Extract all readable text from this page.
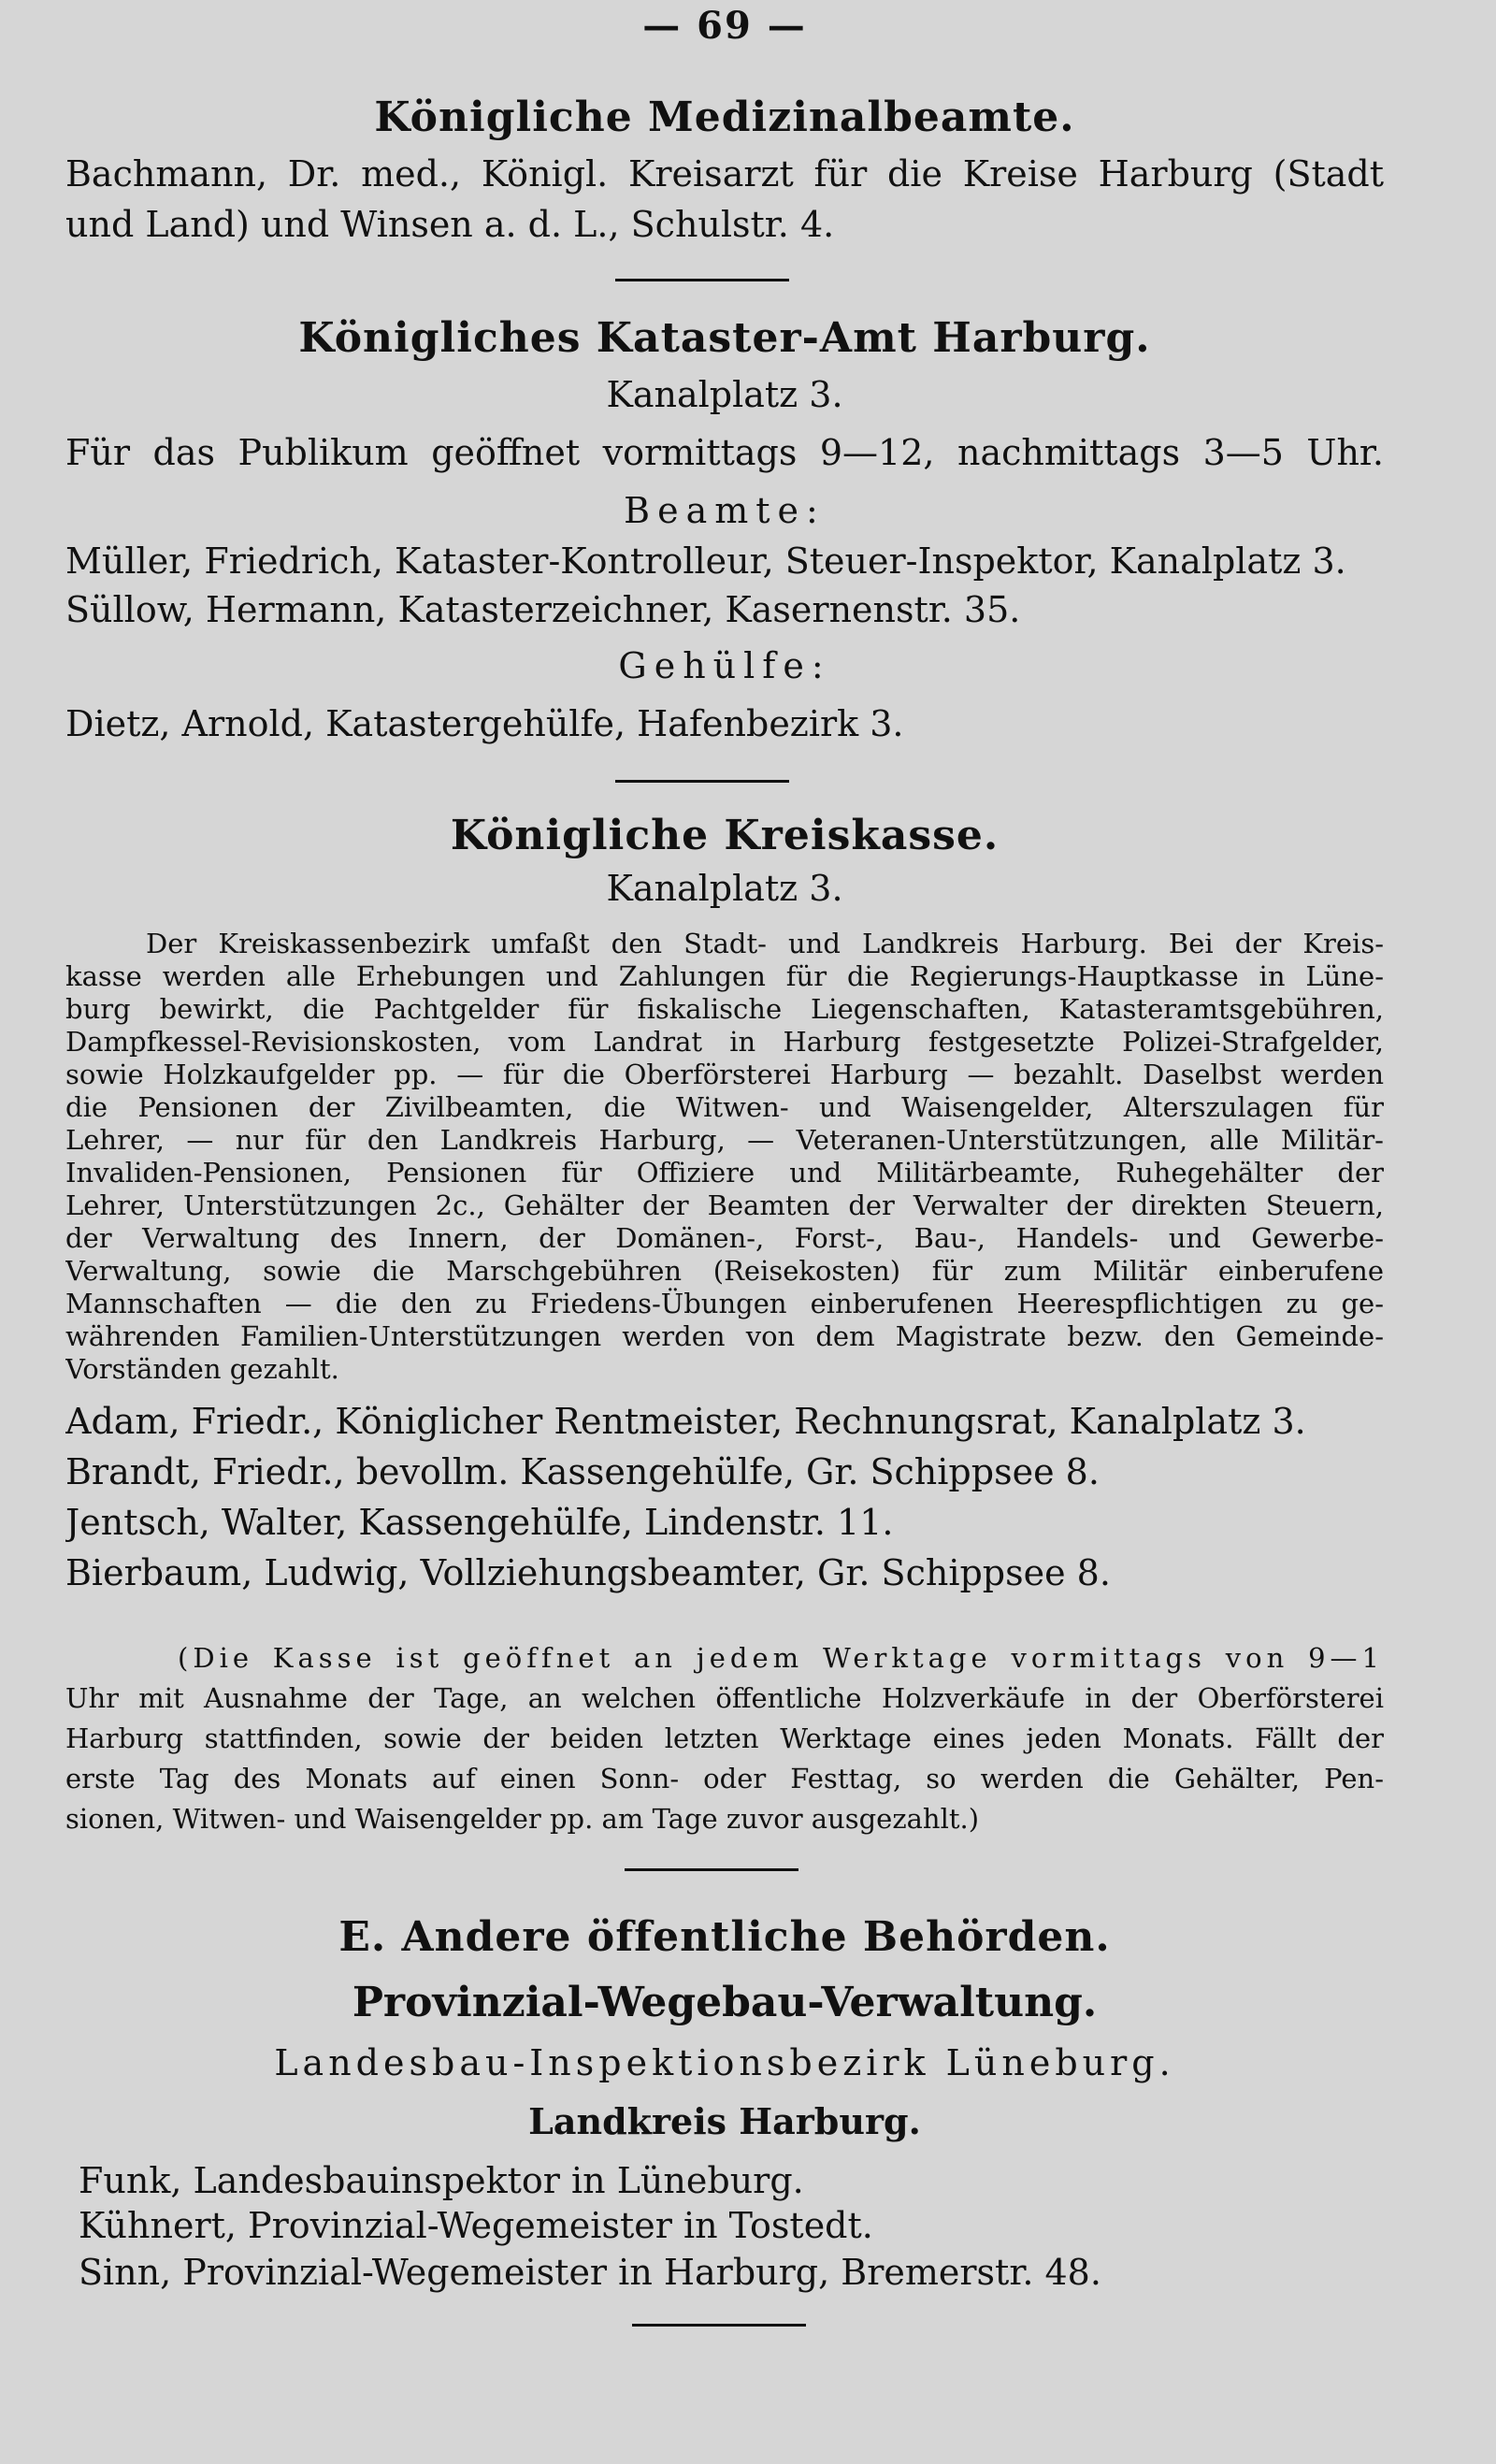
— 69 —
Königliche Medizinalbeamte.
Bachmann, Dr. med., Königl. Kreisarzt für die Kreise Harburg (Stadt
und Land) und Winsen a. d. L., Schulstr. 4.
Königliches Kataster-Amt Harburg.
Kanalplatz 3.
Für das Publikum geöffnet vormittags 9—12, nachmittags 3—5 Uhr.
Beamte:
Müller, Friedrich, Kataster-Kontrolleur, Steuer-Inspektor, Kanalplatz 3.
Süllow, Hermann, Katasterzeichner, Kasernenstr. 35.
Gehülfe:
Dietz, Arnold, Katastergehülfe, Hafenbezirk 3.
Königliche Kreiskasse.
Kanalplatz 3.
Der Kreiskassenbezirk umfaßt den Stadt- und Landkreis Harburg. Bei der Kreis-
kasse werden alle Erhebungen und Zahlungen für die Regierungs-Hauptkasse in Lüne-
burg bewirkt, die Pachtgelder für fiskalische Liegenschaften, Katasteramtsgebühren,
Dampfkessel-Revisionskosten, vom Landrat in Harburg festgesetzte Polizei-Strafgelder,
sowie Holzkaufgelder pp. — für die Oberförsterei Harburg — bezahlt. Daselbst werden
die Pensionen der Zivilbeamten, die Witwen- und Waisengelder, Alterszulagen für
Lehrer, — nur für den Landkreis Harburg, — Veteranen-Unterstützungen, alle Militär-
Invaliden-Pensionen, Pensionen für Offiziere und Militärbeamte, Ruhegehälter der
Lehrer, Unterstützungen 2c., Gehälter der Beamten der Verwalter der direkten Steuern,
der Verwaltung des Innern, der Domänen-, Forst-, Bau-, Handels- und Gewerbe-
Verwaltung, sowie die Marschgebühren (Reisekosten) für zum Militär einberufene
Mannschaften — die den zu Friedens-Übungen einberufenen Heerespflichtigen zu ge-
währenden Familien-Unterstützungen werden von dem Magistrate bezw. den Gemeinde-
Vorständen gezahlt.
Adam, Friedr., Königlicher Rentmeister, Rechnungsrat, Kanalplatz 3.
Brandt, Friedr., bevollm. Kassengehülfe, Gr. Schippsee 8.
Jentsch, Walter, Kassengehülfe, Lindenstr. 11.
Bierbaum, Ludwig, Vollziehungsbeamter, Gr. Schippsee 8.
(Die Kasse ist geöffnet an jedem Werktage vormittags von 9—1
Uhr mit Ausnahme der Tage, an welchen öffentliche Holzverkäufe in der Oberförsterei
Harburg stattfinden, sowie der beiden letzten Werktage eines jeden Monats. Fällt der
erste Tag des Monats auf einen Sonn- oder Festtag, so werden die Gehälter, Pen-
sionen, Witwen- und Waisengelder pp. am Tage zuvor ausgezahlt.)
E. Andere öffentliche Behörden.
Provinzial-Wegebau-Verwaltung.
Landesbau-Inspektionsbezirk Lüneburg.
Landkreis Harburg.
Funk, Landesbauinspektor in Lüneburg.
Kühnert, Provinzial-Wegemeister in Tostedt.
Sinn, Provinzial-Wegemeister in Harburg, Bremerstr. 48.
